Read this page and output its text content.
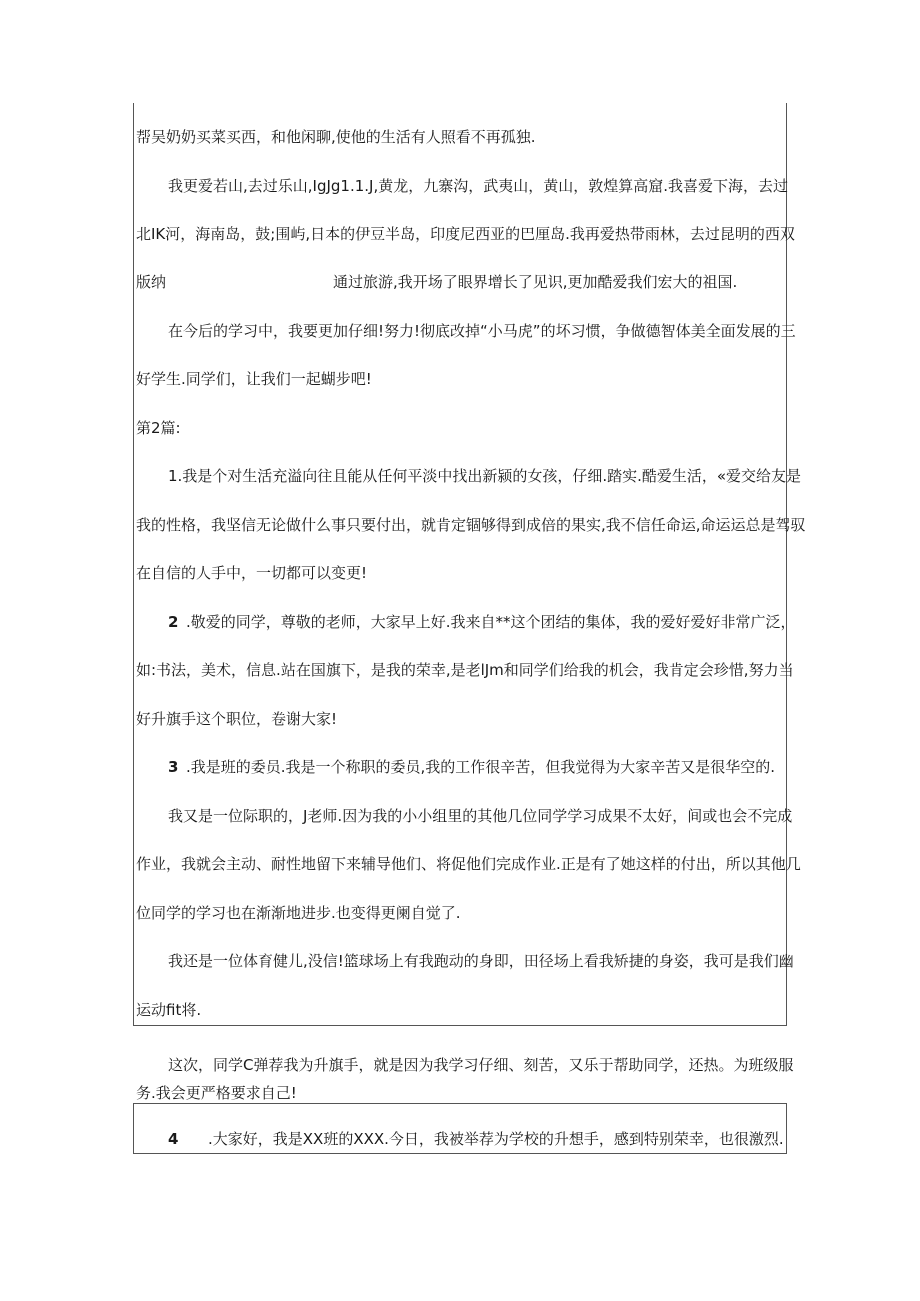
帮吴奶奶买菜买西，和他闲聊,使他的生活有人照看不再孤独.
我更爱若山,去过乐山,IgJg1.1.J,黄龙，九寨沟，武夷山，黄山，敦煌算高窟.我喜爱下海，去过
北IK河，海南岛，鼓;围屿,日本的伊豆半岛，印度尼西亚的巴厘岛.我再爱热带雨林，去过昆明的西双
版纳	通过旅游,我开场了眼界增长了见识,更加酷爱我们宏大的祖国.
在今后的学习中，我要更加仔细!努力!彻底改掉“小马虎”的坏习惯，争做德智体美全面发展的三
好学生.同学们，让我们一起蝴步吧!
第2篇:
1.我是个对生活充溢向往且能从任何平淡中找出新颍的女孩，仔细.踏实.酷爱生活，«爱交给友是
我的性格，我坚信无论做什么事只要付出，就肯定锢够得到成倍的果实,我不信任命运,命运运总是驾驭
在自信的人手中，一切都可以变更!
2 .敬爱的同学，尊敬的老师，大家早上好.我来自**这个团结的集体，我的爱好爱好非常广泛，
如:书法，美术，信息.站在国旗下，是我的荣幸,是老lJm和同学们给我的机会，我肯定会珍惜,努力当
好升旗手这个职位，卷谢大家!
3 .我是班的委员.我是一个称职的委员,我的工作很辛苦，但我觉得为大家辛苦又是很华空的.
我又是一位际职的，J老师.因为我的小小组里的其他几位同学学习成果不太好，间或也会不完成
作业，我就会主动、耐性地留下来辅导他们、将促他们完成作业.正是有了她这样的付出，所以其他几
位同学的学习也在渐渐地进步.也变得更阑自觉了.
我还是一位体育健儿,没信!篮球场上有我跑动的身即，田径场上看我矫捷的身姿，我可是我们幽
运动fit将.
这次，同学C弹荐我为升旗手，就是因为我学习仔细、刻苦，又乐于帮助同学，还热。为班级服
务.我会更严格要求自己!
4 .大家好，我是XX班的XXX.今日，我被举荐为学校的升想手，感到特别荣幸，也很激烈.
